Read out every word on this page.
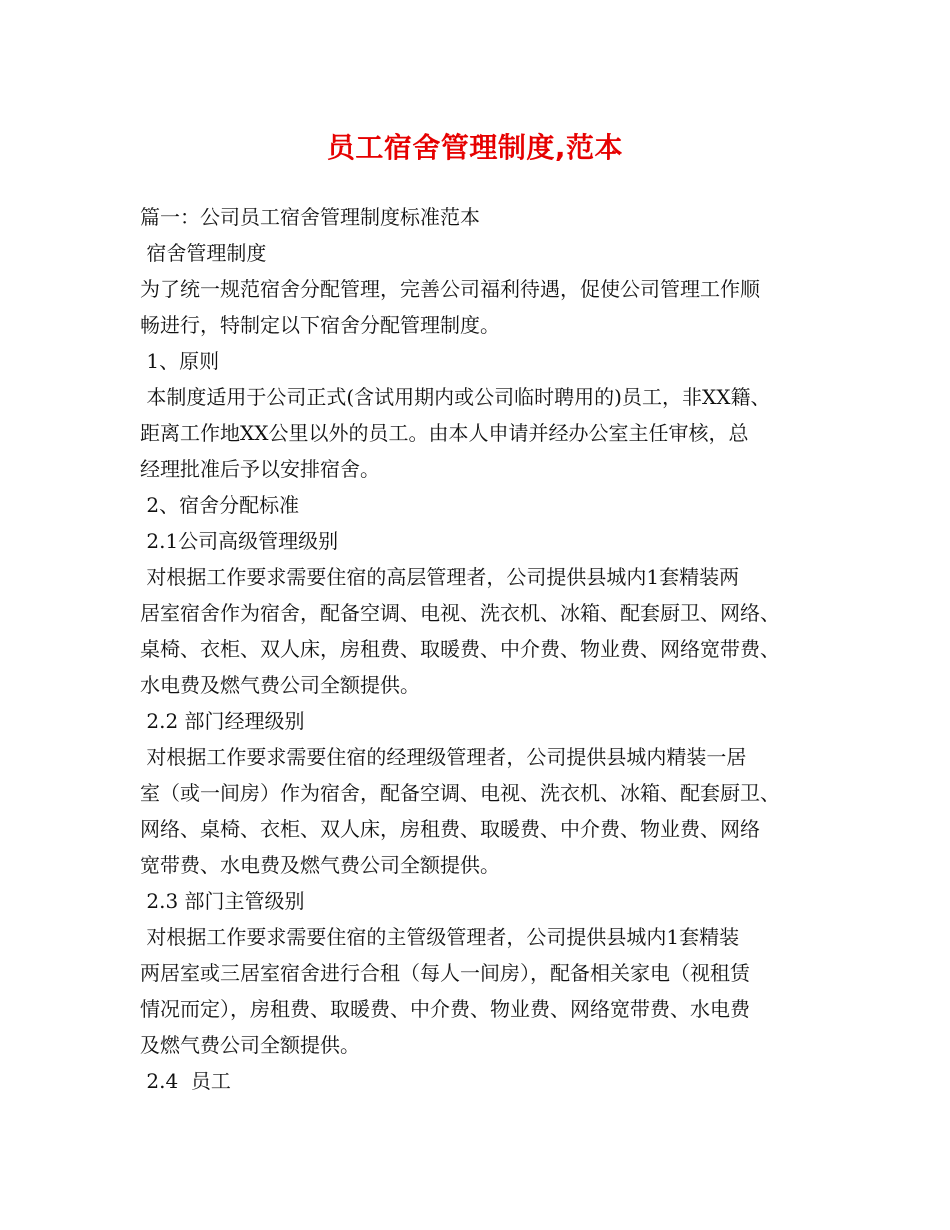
员工宿舍管理制度,范本
篇一：公司员工宿舍管理制度标准范本
宿舍管理制度
为了统一规范宿舍分配管理，完善公司福利待遇，促使公司管理工作顺
畅进行，特制定以下宿舍分配管理制度。
1、原则
本制度适用于公司正式(含试用期内或公司临时聘用的)员工，非XX籍、
距离工作地XX公里以外的员工。由本人申请并经办公室主任审核，总
经理批准后予以安排宿舍。
2、宿舍分配标准
2.1公司高级管理级别
对根据工作要求需要住宿的高层管理者，公司提供县城内1套精装两
居室宿舍作为宿舍，配备空调、电视、洗衣机、冰箱、配套厨卫、网络、
桌椅、衣柜、双人床，房租费、取暖费、中介费、物业费、网络宽带费、
水电费及燃气费公司全额提供。
2.2 部门经理级别
对根据工作要求需要住宿的经理级管理者，公司提供县城内精装一居
室（或一间房）作为宿舍，配备空调、电视、洗衣机、冰箱、配套厨卫、
网络、桌椅、衣柜、双人床，房租费、取暖费、中介费、物业费、网络
宽带费、水电费及燃气费公司全额提供。
2.3 部门主管级别
对根据工作要求需要住宿的主管级管理者，公司提供县城内1套精装
两居室或三居室宿舍进行合租（每人一间房），配备相关家电（视租赁
情况而定），房租费、取暖费、中介费、物业费、网络宽带费、水电费
及燃气费公司全额提供。
2.4  员工
